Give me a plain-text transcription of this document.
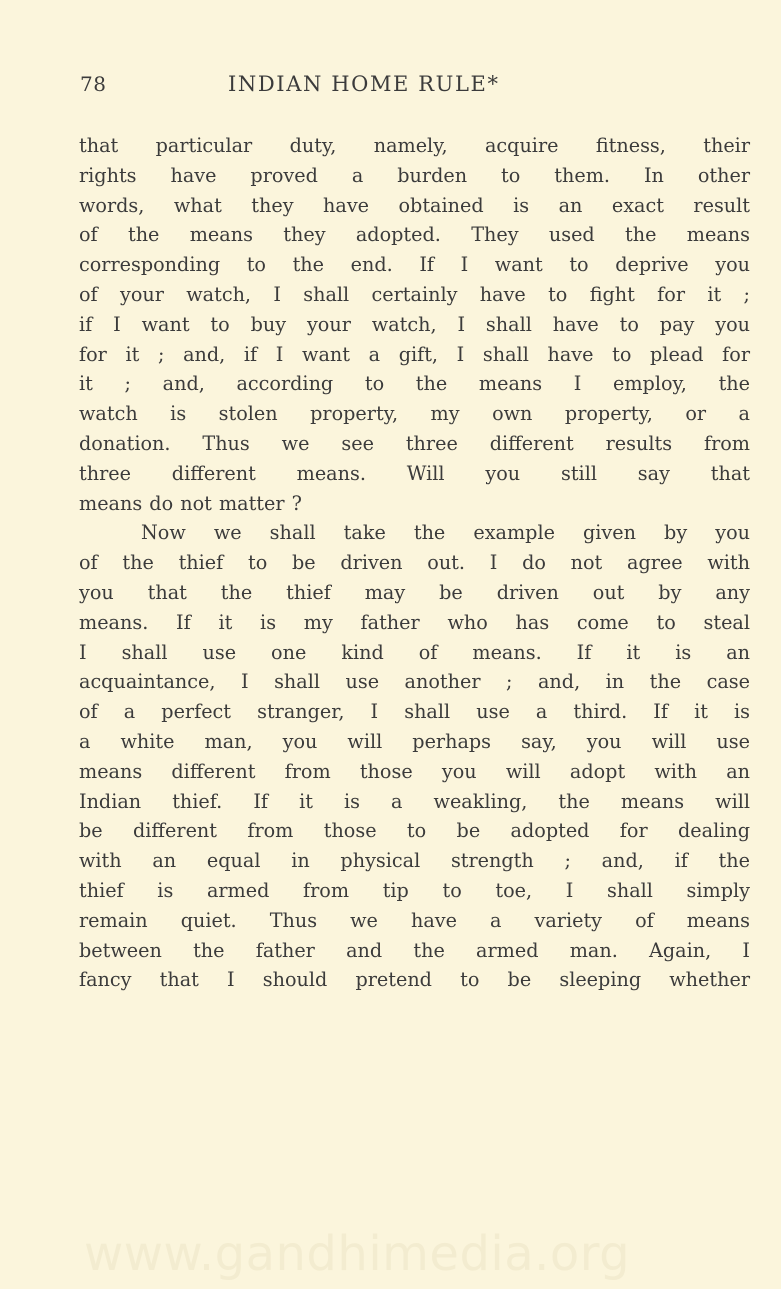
78	INDIAN HOME RULE*
that particular duty, namely, acquire fitness, their
rights have proved a burden to them. In other
words, what they have obtained is an exact result
of the means they adopted. They used the means
corresponding to the end. If I want to deprive you
of your watch, I shall certainly have to fight for it ;
if I want to buy your watch, I shall have to pay you
for it ; and, if I want a gift, I shall have to plead for
it ; and, according to the means I employ, the
watch is stolen property, my own property, or a
donation. Thus we see three different results from
three different means. Will you still say that
means do not matter ?
Now we shall take the example given by you
of the thief to be driven out. I do not agree with
you that the thief may be driven out by any
means. If it is my father who has come to steal
I shall use one kind of means. If it is an
acquaintance, I shall use another ; and, in the case
of a perfect stranger, I shall use a third. If it is
a white man, you will perhaps say, you will use
means different from those you will adopt with an
Indian thief. If it is a weakling, the means will
be different from those to be adopted for dealing
with an equal in physical strength ; and, if the
thief is armed from tip to toe, I shall simply
remain quiet. Thus we have a variety of means
between the father and the armed man. Again, I
fancy that I should pretend to be sleeping whether
www.gandhimedia.org
